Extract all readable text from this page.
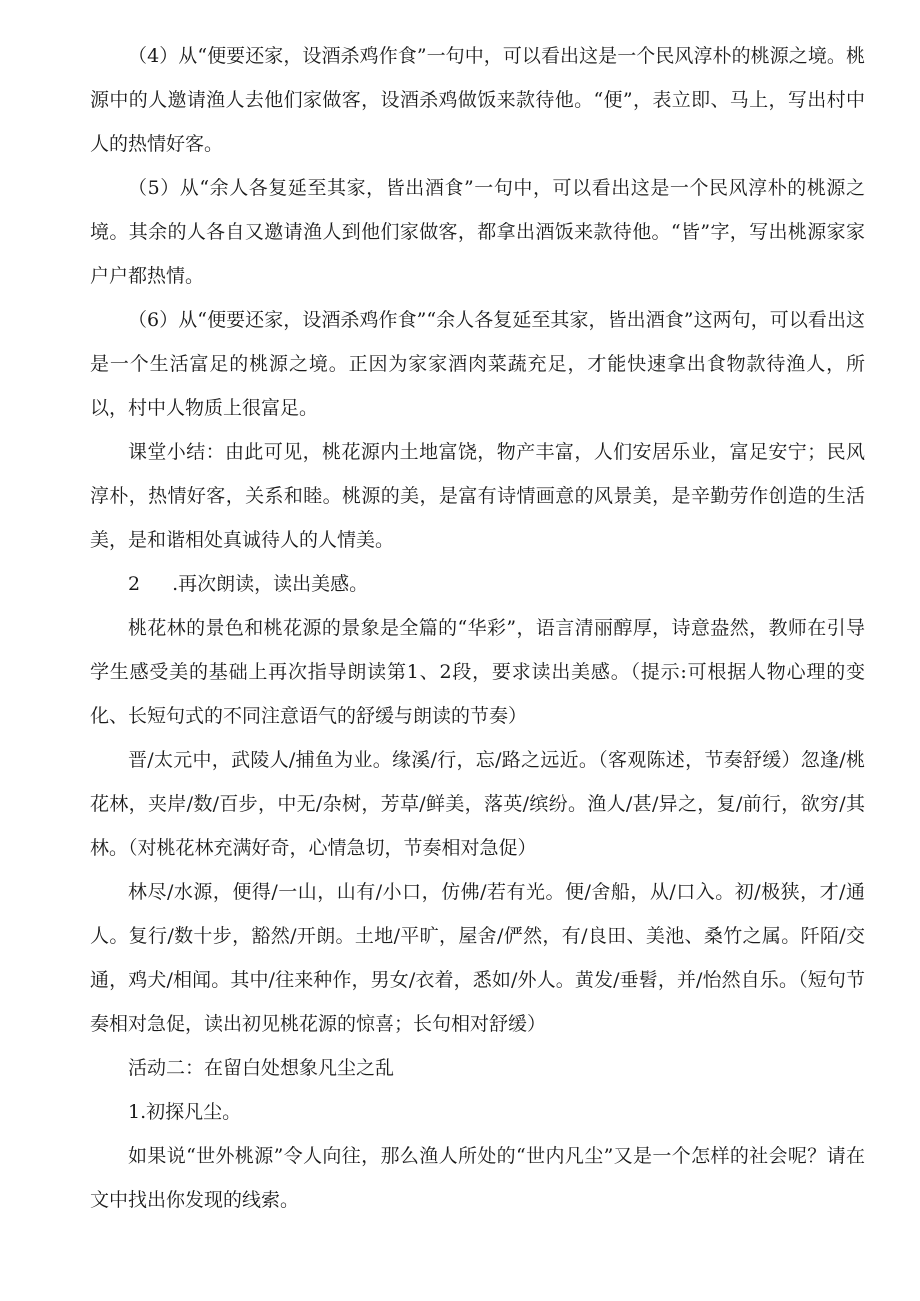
（4）从“便要还家，设酒杀鸡作食”一句中，可以看出这是一个民风淳朴的桃源之境。桃源中的人邀请渔人去他们家做客，设酒杀鸡做饭来款待他。“便”，表立即、马上，写出村中人的热情好客。

（5）从“余人各复延至其家，皆出酒食”一句中，可以看出这是一个民风淳朴的桃源之境。其余的人各自又邀请渔人到他们家做客，都拿出酒饭来款待他。“皆”字，写出桃源家家户户都热情。

（6）从“便要还家，设酒杀鸡作食”“余人各复延至其家，皆出酒食”这两句，可以看出这是一个生活富足的桃源之境。正因为家家酒肉菜蔬充足，才能快速拿出食物款待渔人，所以，村中人物质上很富足。

课堂小结：由此可见，桃花源内土地富饶，物产丰富，人们安居乐业，富足安宁；民风淳朴，热情好客，关系和睦。桃源的美，是富有诗情画意的风景美，是辛勤劳作创造的生活美，是和谐相处真诚待人的人情美。

2 .再次朗读，读出美感。

桃花林的景色和桃花源的景象是全篇的“华彩”，语言清丽醇厚，诗意盎然，教师在引导学生感受美的基础上再次指导朗读第1、2段，要求读出美感。（提示:可根据人物心理的变化、长短句式的不同注意语气的舒缓与朗读的节奏）

晋/太元中，武陵人/捕鱼为业。缘溪/行，忘/路之远近。（客观陈述，节奏舒缓）忽逢/桃花林，夹岸/数/百步，中无/杂树，芳草/鲜美，落英/缤纷。渔人/甚/异之，复/前行，欲穷/其林。（对桃花林充满好奇，心情急切，节奏相对急促）

林尽/水源，便得/一山，山有/小口，仿佛/若有光。便/舍船，从/口入。初/极狭，才/通人。复行/数十步，豁然/开朗。土地/平旷，屋舍/俨然，有/良田、美池、桑竹之属。阡陌/交通，鸡犬/相闻。其中/往来种作，男女/衣着，悉如/外人。黄发/垂髫，并/怡然自乐。（短句节奏相对急促，读出初见桃花源的惊喜；长句相对舒缓）

活动二：在留白处想象凡尘之乱

1.初探凡尘。

如果说“世外桃源”令人向往，那么渔人所处的“世内凡尘”又是一个怎样的社会呢？请在文中找出你发现的线索。
